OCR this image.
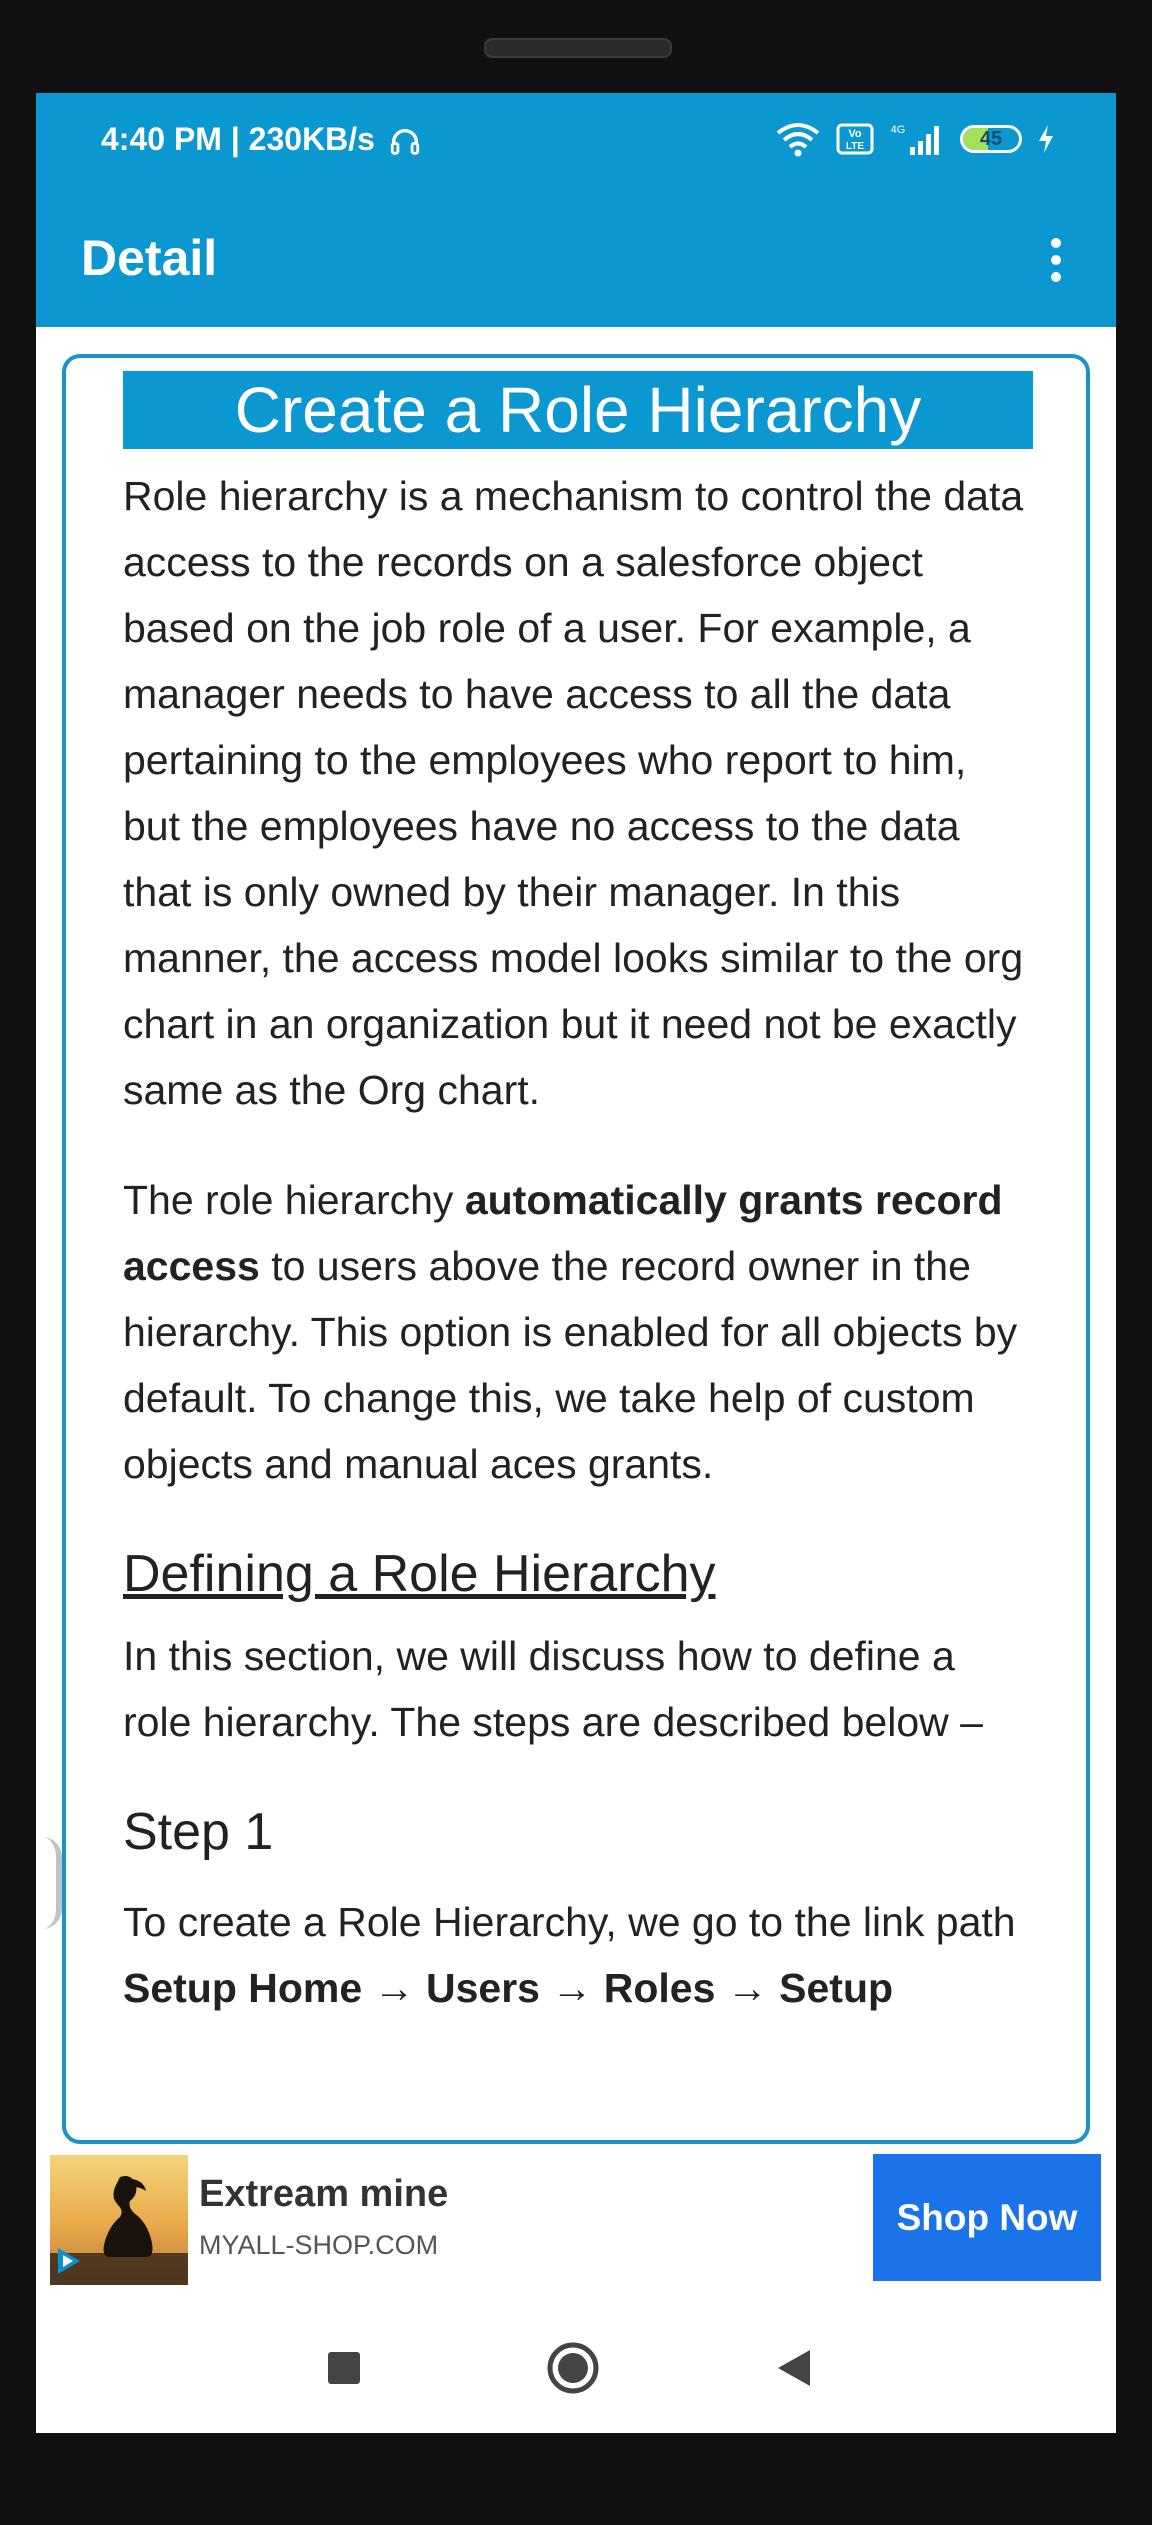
4:40 PM | 230KB/s	Vo
LTE
4G	45
Detail
Create a Role Hierarchy

Role hierarchy is a mechanism to control the data access to the records on a salesforce object based on the job role of a user. For example, a manager needs to have access to all the data pertaining to the employees who report to him, but the employees have no access to the data that is only owned by their manager. In this manner, the access model looks similar to the org chart in an organization but it need not be exactly same as the Org chart.

The role hierarchy automatically grants record access to users above the record owner in the hierarchy. This option is enabled for all objects by default. To change this, we take help of custom objects and manual aces grants.

Defining a Role Hierarchy

In this section, we will discuss how to define a role hierarchy. The steps are described below –

Step 1

To create a Role Hierarchy, we go to the link path Setup Home → Users → Roles → Setup

Extream mine
MYALL-SHOP.COM
Shop Now
